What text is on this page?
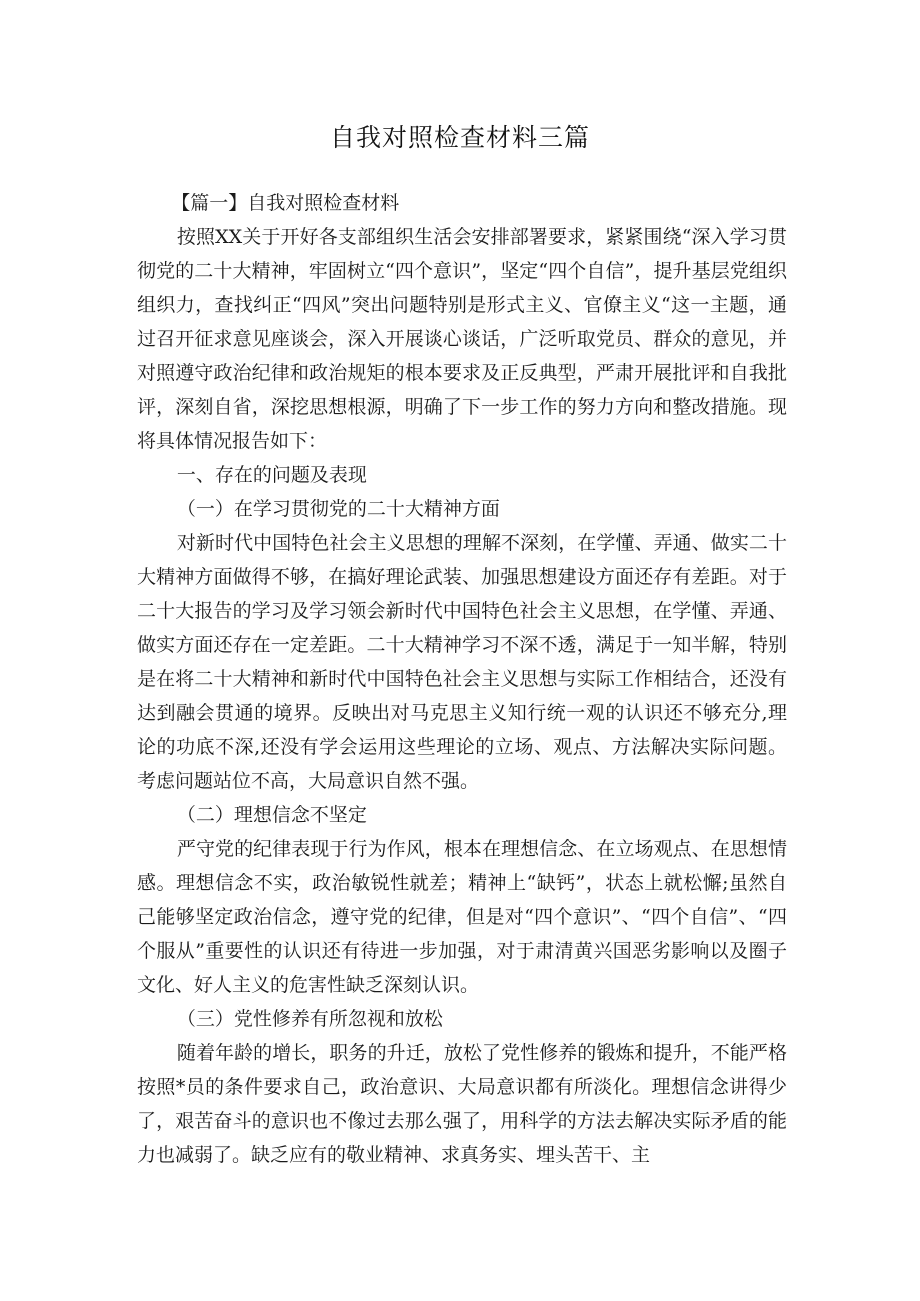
自我对照检查材料三篇

【篇一】自我对照检查材料

按照XX关于开好各支部组织生活会安排部署要求，紧紧围绕“深入学习贯彻党的二十大精神，牢固树立“四个意识”，坚定“四个自信”，提升基层党组织组织力，查找纠正“四风”突出问题特别是形式主义、官僚主义“这一主题，通过召开征求意见座谈会，深入开展谈心谈话，广泛听取党员、群众的意见，并对照遵守政治纪律和政治规矩的根本要求及正反典型，严肃开展批评和自我批评，深刻自省，深挖思想根源，明确了下一步工作的努力方向和整改措施。现将具体情况报告如下：

一、存在的问题及表现

（一）在学习贯彻党的二十大精神方面

对新时代中国特色社会主义思想的理解不深刻，在学懂、弄通、做实二十大精神方面做得不够，在搞好理论武装、加强思想建设方面还存有差距。对于二十大报告的学习及学习领会新时代中国特色社会主义思想，在学懂、弄通、做实方面还存在一定差距。二十大精神学习不深不透，满足于一知半解，特别是在将二十大精神和新时代中国特色社会主义思想与实际工作相结合，还没有达到融会贯通的境界。反映出对马克思主义知行统一观的认识还不够充分,理论的功底不深,还没有学会运用这些理论的立场、观点、方法解决实际问题。考虑问题站位不高，大局意识自然不强。

（二）理想信念不坚定

严守党的纪律表现于行为作风，根本在理想信念、在立场观点、在思想情感。理想信念不实，政治敏锐性就差；精神上“缺钙”，状态上就松懈;虽然自己能够坚定政治信念，遵守党的纪律，但是对“四个意识”、“四个自信”、“四个服从”重要性的认识还有待进一步加强，对于肃清黄兴国恶劣影响以及圈子文化、好人主义的危害性缺乏深刻认识。

（三）党性修养有所忽视和放松

随着年龄的增长，职务的升迁，放松了党性修养的锻炼和提升，不能严格按照*员的条件要求自己，政治意识、大局意识都有所淡化。理想信念讲得少了，艰苦奋斗的意识也不像过去那么强了，用科学的方法去解决实际矛盾的能力也减弱了。缺乏应有的敬业精神、求真务实、埋头苦干、主
